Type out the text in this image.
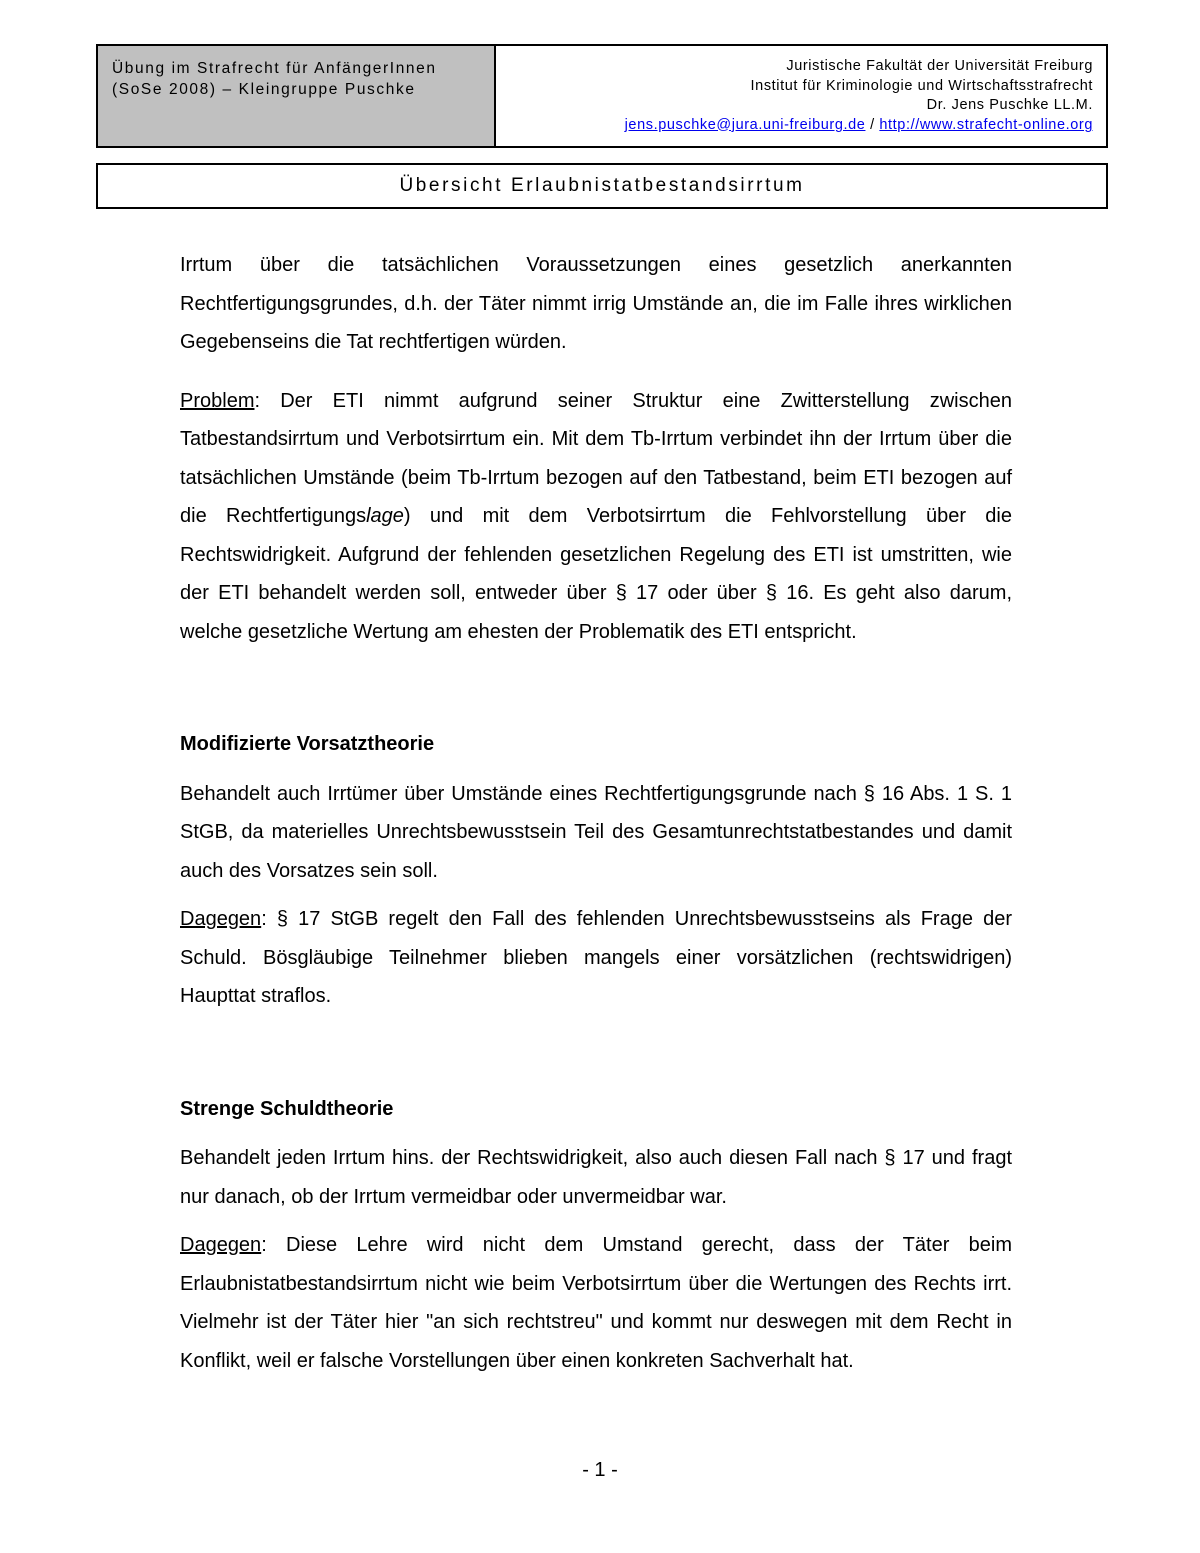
Übung im Strafrecht für AnfängerInnen
(SoSe 2008) – Kleingruppe Puschke
Juristische Fakultät der Universität Freiburg
Institut für Kriminologie und Wirtschaftsstrafrecht
Dr. Jens Puschke LL.M.
jens.puschke@jura.uni-freiburg.de / http://www.strafecht-online.org
Übersicht Erlaubnistatbestandsirrtum

Irrtum über die tatsächlichen Voraussetzungen eines gesetzlich anerkannten Rechtfertigungsgrundes, d.h. der Täter nimmt irrig Umstände an, die im Falle ihres wirklichen Gegebenseins die Tat rechtfertigen würden.

Problem: Der ETI nimmt aufgrund seiner Struktur eine Zwitterstellung zwischen Tatbestandsirrtum und Verbotsirrtum ein. Mit dem Tb-Irrtum verbindet ihn der Irrtum über die tatsächlichen Umstände (beim Tb-Irrtum bezogen auf den Tatbestand, beim ETI bezogen auf die Rechtfertigungslage) und mit dem Verbotsirrtum die Fehlvorstellung über die Rechtswidrigkeit. Aufgrund der fehlenden gesetzlichen Regelung des ETI ist umstritten, wie der ETI behandelt werden soll, entweder über § 17 oder über § 16. Es geht also darum, welche gesetzliche Wertung am ehesten der Problematik des ETI entspricht.

Modifizierte Vorsatztheorie

Behandelt auch Irrtümer über Umstände eines Rechtfertigungsgrunde nach § 16 Abs. 1 S. 1 StGB, da materielles Unrechtsbewusstsein Teil des Gesamtunrechtstatbestandes und damit auch des Vorsatzes sein soll.

Dagegen: § 17 StGB regelt den Fall des fehlenden Unrechtsbewusstseins als Frage der Schuld. Bösgläubige Teilnehmer blieben mangels einer vorsätzlichen (rechtswidrigen) Haupttat straflos.

Strenge Schuldtheorie

Behandelt jeden Irrtum hins. der Rechtswidrigkeit, also auch diesen Fall nach § 17 und fragt nur danach, ob der Irrtum vermeidbar oder unvermeidbar war.

Dagegen: Diese Lehre wird nicht dem Umstand gerecht, dass der Täter beim Erlaubnistatbestandsirrtum nicht wie beim Verbotsirrtum über die Wertungen des Rechts irrt. Vielmehr ist der Täter hier "an sich rechtstreu" und kommt nur deswegen mit dem Recht in Konflikt, weil er falsche Vorstellungen über einen konkreten Sachverhalt hat.

- 1 -
